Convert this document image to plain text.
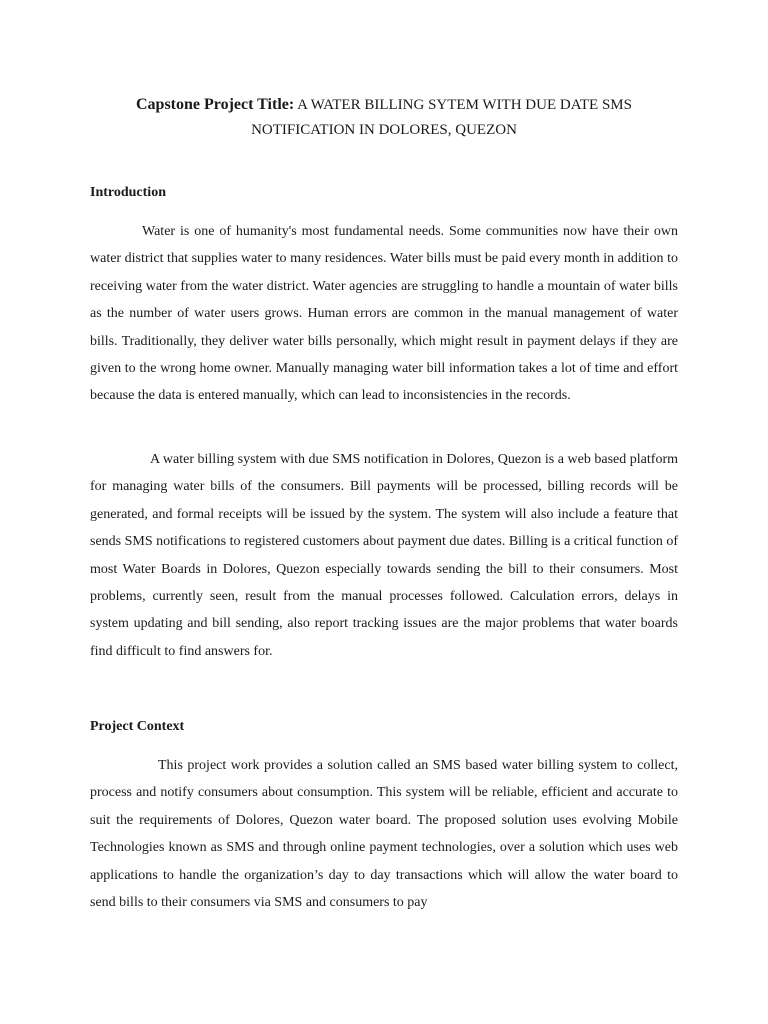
Capstone Project Title: A WATER BILLING SYTEM WITH DUE DATE SMS NOTIFICATION IN DOLORES, QUEZON
Introduction

Water is one of humanity's most fundamental needs. Some communities now have their own water district that supplies water to many residences. Water bills must be paid every month in addition to receiving water from the water district. Water agencies are struggling to handle a mountain of water bills as the number of water users grows. Human errors are common in the manual management of water bills. Traditionally, they deliver water bills personally, which might result in payment delays if they are given to the wrong home owner. Manually managing water bill information takes a lot of time and effort because the data is entered manually, which can lead to inconsistencies in the records.

A water billing system with due SMS notification in Dolores, Quezon is a web based platform for managing water bills of the consumers. Bill payments will be processed, billing records will be generated, and formal receipts will be issued by the system. The system will also include a feature that sends SMS notifications to registered customers about payment due dates. Billing is a critical function of most Water Boards in Dolores, Quezon especially towards sending the bill to their consumers. Most problems, currently seen, result from the manual processes followed. Calculation errors, delays in system updating and bill sending, also report tracking issues are the major problems that water boards find difficult to find answers for.

Project Context

This project work provides a solution called an SMS based water billing system to collect, process and notify consumers about consumption. This system will be reliable, efficient and accurate to suit the requirements of Dolores, Quezon water board. The proposed solution uses evolving Mobile Technologies known as SMS and through online payment technologies, over a solution which uses web applications to handle the organization’s day to day transactions which will allow the water board to send bills to their consumers via SMS and consumers to pay
